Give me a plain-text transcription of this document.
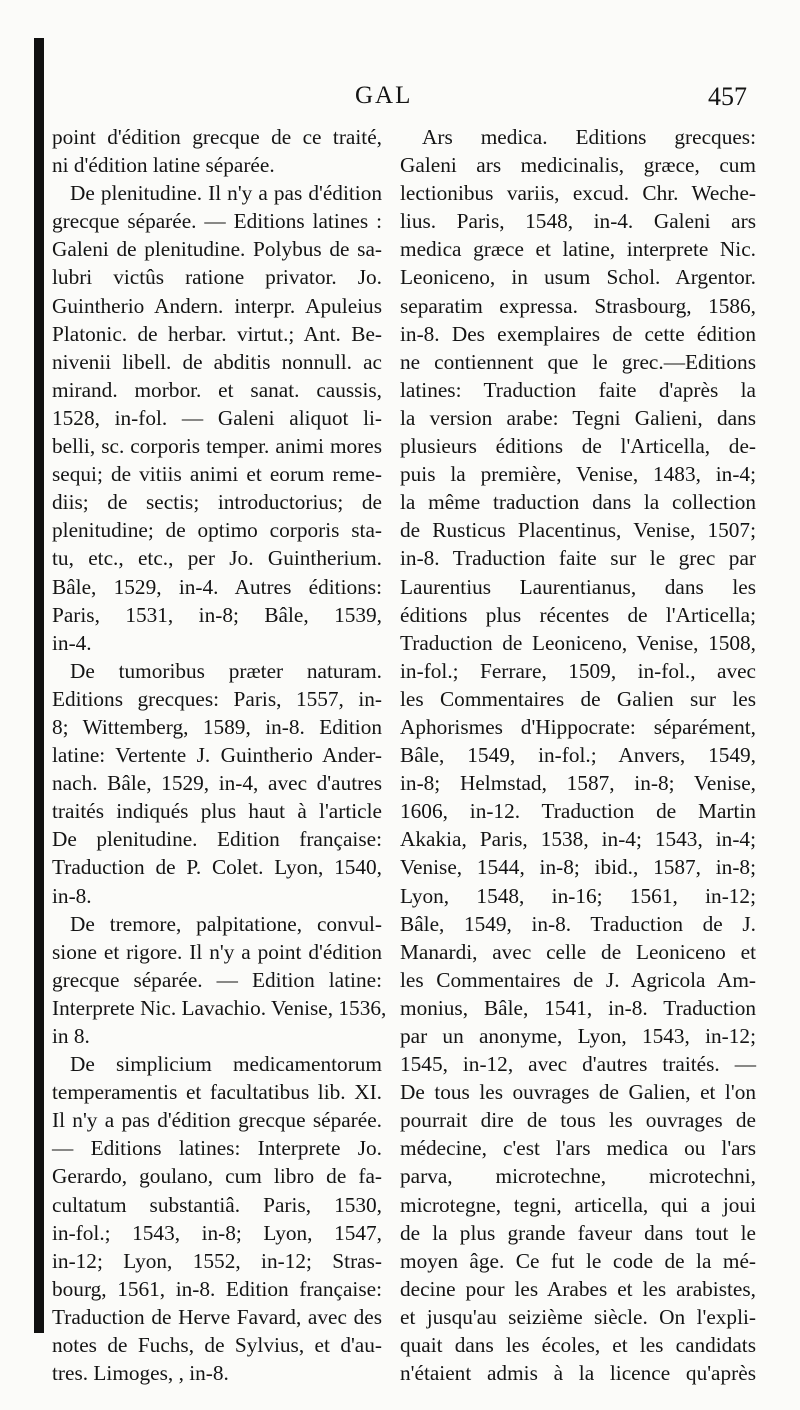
GAL	457
point d'édition grecque de ce traité,
ni d'édition latine séparée.
De plenitudine. Il n'y a pas d'édition
grecque séparée. — Editions latines :
Galeni de plenitudine. Polybus de sa-
lubri victûs ratione privator. Jo.
Guintherio Andern. interpr. Apuleius
Platonic. de herbar. virtut.; Ant. Be-
nivenii libell. de abditis nonnull. ac
mirand. morbor. et sanat. caussis,
1528, in-fol. — Galeni aliquot li-
belli, sc. corporis temper. animi mores
sequi; de vitiis animi et eorum reme-
diis; de sectis; introductorius; de
plenitudine; de optimo corporis sta-
tu, etc., etc., per Jo. Guintherium.
Bâle, 1529, in-4. Autres éditions:
Paris, 1531, in-8; Bâle, 1539,
in-4.
De tumoribus præter naturam.
Editions grecques: Paris, 1557, in-
8; Wittemberg, 1589, in-8. Edition
latine: Vertente J. Guintherio Ander-
nach. Bâle, 1529, in-4, avec d'autres
traités indiqués plus haut à l'article
De plenitudine. Edition française:
Traduction de P. Colet. Lyon, 1540,
in-8.
De tremore, palpitatione, convul-
sione et rigore. Il n'y a point d'édition
grecque séparée. — Edition latine:
Interprete Nic. Lavachio. Venise, 1536,
in 8.
De simplicium medicamentorum
temperamentis et facultatibus lib. XI.
Il n'y a pas d'édition grecque séparée.
— Editions latines: Interprete Jo.
Gerardo, goulano, cum libro de fa-
cultatum substantiâ. Paris, 1530,
in-fol.; 1543, in-8; Lyon, 1547,
in-12; Lyon, 1552, in-12; Stras-
bourg, 1561, in-8. Edition française:
Traduction de Herve Favard, avec des
notes de Fuchs, de Sylvius, et d'au-
tres. Limoges, , in-8.
Ars medica. Editions grecques:
Galeni ars medicinalis, græce, cum
lectionibus variis, excud. Chr. Weche-
lius. Paris, 1548, in-4. Galeni ars
medica græce et latine, interprete Nic.
Leoniceno, in usum Schol. Argentor.
separatim expressa. Strasbourg, 1586,
in-8. Des exemplaires de cette édition
ne contiennent que le grec.—Editions
latines: Traduction faite d'après la
la version arabe: Tegni Galieni, dans
plusieurs éditions de l'Articella, de-
puis la première, Venise, 1483, in-4;
la même traduction dans la collection
de Rusticus Placentinus, Venise, 1507;
in-8. Traduction faite sur le grec par
Laurentius Laurentianus, dans les
éditions plus récentes de l'Articella;
Traduction de Leoniceno, Venise, 1508,
in-fol.; Ferrare, 1509, in-fol., avec
les Commentaires de Galien sur les
Aphorismes d'Hippocrate: séparément,
Bâle, 1549, in-fol.; Anvers, 1549,
in-8; Helmstad, 1587, in-8; Venise,
1606, in-12. Traduction de Martin
Akakia, Paris, 1538, in-4; 1543, in-4;
Venise, 1544, in-8; ibid., 1587, in-8;
Lyon, 1548, in-16; 1561, in-12;
Bâle, 1549, in-8. Traduction de J.
Manardi, avec celle de Leoniceno et
les Commentaires de J. Agricola Am-
monius, Bâle, 1541, in-8. Traduction
par un anonyme, Lyon, 1543, in-12;
1545, in-12, avec d'autres traités. —
De tous les ouvrages de Galien, et l'on
pourrait dire de tous les ouvrages de
médecine, c'est l'ars medica ou l'ars
parva, microtechne, microtechni,
microtegne, tegni, articella, qui a joui
de la plus grande faveur dans tout le
moyen âge. Ce fut le code de la mé-
decine pour les Arabes et les arabistes,
et jusqu'au seizième siècle. On l'expli-
quait dans les écoles, et les candidats
n'étaient admis à la licence qu'après
